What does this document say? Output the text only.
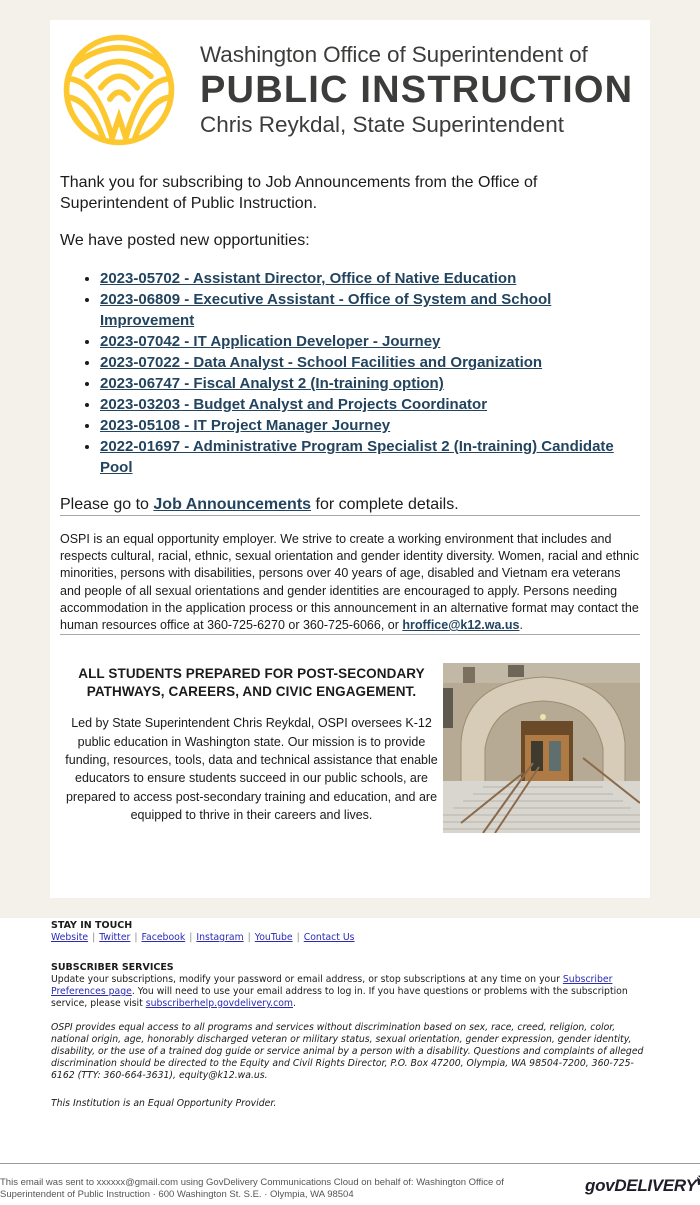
Washington Office of Superintendent of
PUBLIC INSTRUCTION
Chris Reykdal, State Superintendent

Thank you for subscribing to Job Announcements from the Office of Superintendent of Public Instruction.

We have posted new opportunities:

• 2023-05702 - Assistant Director, Office of Native Education
• 2023-06809 - Executive Assistant - Office of System and School Improvement
• 2023-07042 - IT Application Developer - Journey
• 2023-07022 - Data Analyst - School Facilities and Organization
• 2023-06747 - Fiscal Analyst 2 (In-training option)
• 2023-03203 - Budget Analyst and Projects Coordinator
• 2023-05108 - IT Project Manager Journey
• 2022-01697 - Administrative Program Specialist 2 (In-training) Candidate Pool

Please go to Job Announcements for complete details.

OSPI is an equal opportunity employer. We strive to create a working environment that includes and respects cultural, racial, ethnic, sexual orientation and gender identity diversity. Women, racial and ethnic minorities, persons with disabilities, persons over 40 years of age, disabled and Vietnam era veterans and people of all sexual orientations and gender identities are encouraged to apply. Persons needing accommodation in the application process or this announcement in an alternative format may contact the human resources office at 360-725-6270 or 360-725-6066, or hroffice@k12.wa.us.

ALL STUDENTS PREPARED FOR POST-SECONDARY PATHWAYS, CAREERS, AND CIVIC ENGAGEMENT.

Led by State Superintendent Chris Reykdal, OSPI oversees K-12 public education in Washington state. Our mission is to provide funding, resources, tools, data and technical assistance that enable educators to ensure students succeed in our public schools, are prepared to access post-secondary training and education, and are equipped to thrive in their careers and lives.

STAY IN TOUCH
Website | Twitter | Facebook | Instagram | YouTube | Contact Us
SUBSCRIBER SERVICES

Update your subscriptions, modify your password or email address, or stop subscriptions at any time on your Subscriber Preferences page. You will need to use your email address to log in. If you have questions or problems with the subscription service, please visit subscriberhelp.govdelivery.com.

OSPI provides equal access to all programs and services without discrimination based on sex, race, creed, religion, color, national origin, age, honorably discharged veteran or military status, sexual orientation, gender expression, gender identity, disability, or the use of a trained dog guide or service animal by a person with a disability. Questions and complaints of alleged discrimination should be directed to the Equity and Civil Rights Director, P.O. Box 47200, Olympia, WA 98504-7200, 360-725-6162 (TTY: 360-664-3631), equity@k12.wa.us.

This Institution is an Equal Opportunity Provider.

This email was sent to xxxxxx@gmail.com using GovDelivery Communications Cloud on behalf of: Washington Office of Superintendent of Public Instruction · 600 Washington St. S.E. · Olympia, WA 98504	govDELIVERY
